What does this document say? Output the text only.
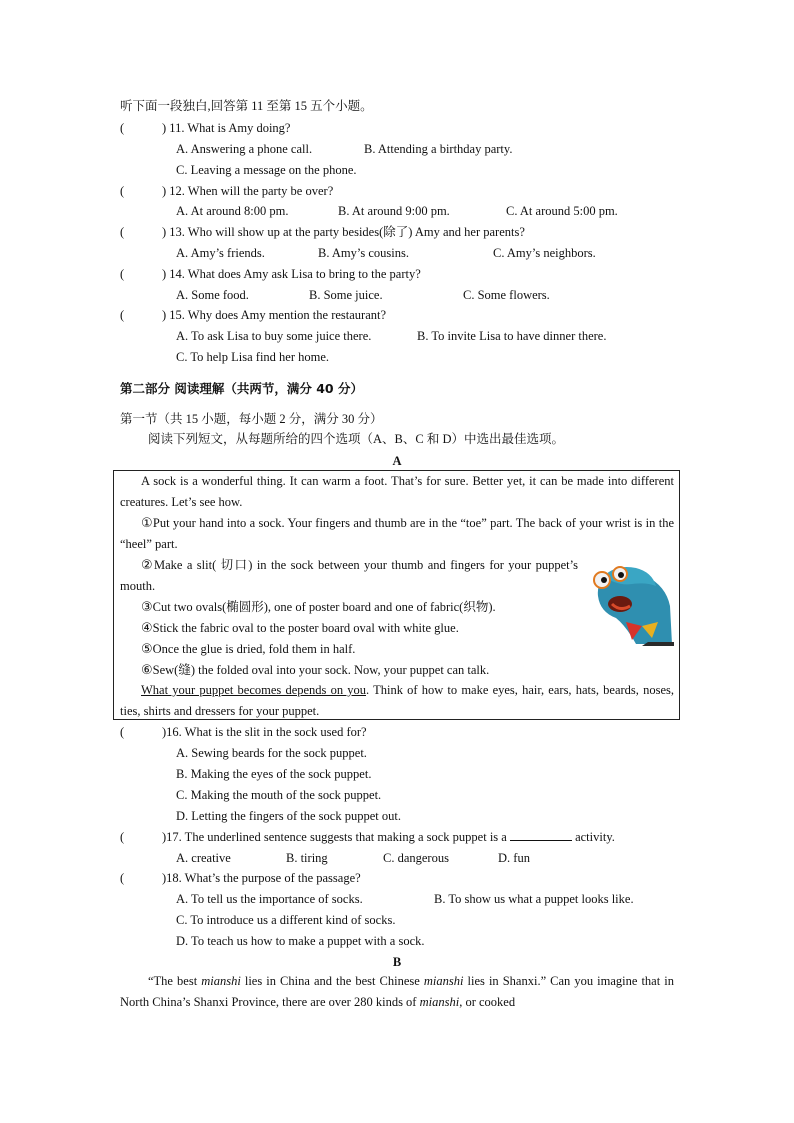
听下面一段独白,回答第 11 至第 15 五个小题。
(	) 11. What is Amy doing?
A. Answering a phone call.	B. Attending a birthday party.
C. Leaving a message on the phone.
(	) 12. When will the party be over?
A. At around 8:00 pm.	B. At around 9:00 pm.	C. At around 5:00 pm.
(	) 13. Who will show up at the party besides(除了) Amy and her parents?
A. Amy’s friends.	B. Amy’s cousins.	C. Amy’s neighbors.
(	) 14. What does Amy ask Lisa to bring to the party?
A. Some food.	B. Some juice.	C. Some flowers.
(	) 15. Why does Amy mention the restaurant?
A. To ask Lisa to buy some juice there.	B. To invite Lisa to have dinner there.
C. To help Lisa find her home.
第二部分 阅读理解（共两节，满分 40 分）
第一节（共 15 小题，每小题 2 分，满分 30 分）
阅读下列短文，从每题所给的四个选项（A、B、C 和 D）中选出最佳选项。
A
A sock is a wonderful thing. It can warm a foot. That’s for sure. Better yet, it can be made into different creatures. Let’s see how.
①Put your hand into a sock. Your fingers and thumb are in the “toe” part. The back of your wrist is in the “heel” part.
②Make a slit( 切口) in the sock between your thumb and fingers for your puppet’s mouth.
③Cut two ovals(椭圆形), one of poster board and one of fabric(织物).
④Stick the fabric oval to the poster board oval with white glue.
⑤Once the glue is dried, fold them in half.
⑥Sew(缝) the folded oval into your sock. Now, your puppet can talk.
What your puppet becomes depends on you. Think of how to make eyes, hair, ears, hats, beards, noses, ties, shirts and dressers for your puppet.
(	)16. What is the slit in the sock used for?
A. Sewing beards for the sock puppet.
B. Making the eyes of the sock puppet.
C. Making the mouth of the sock puppet.
D. Letting the fingers of the sock puppet out.
(	)17. The underlined sentence suggests that making a sock puppet is a	activity.
A. creative	B. tiring	C. dangerous	D. fun
(	)18. What’s the purpose of the passage?
A. To tell us the importance of socks.	B. To show us what a puppet looks like.
C. To introduce us a different kind of socks.
D. To teach us how to make a puppet with a sock.
B
“The best mianshi lies in China and the best Chinese mianshi lies in Shanxi.” Can you imagine that in North China’s Shanxi Province, there are over 280 kinds of mianshi, or cooked
